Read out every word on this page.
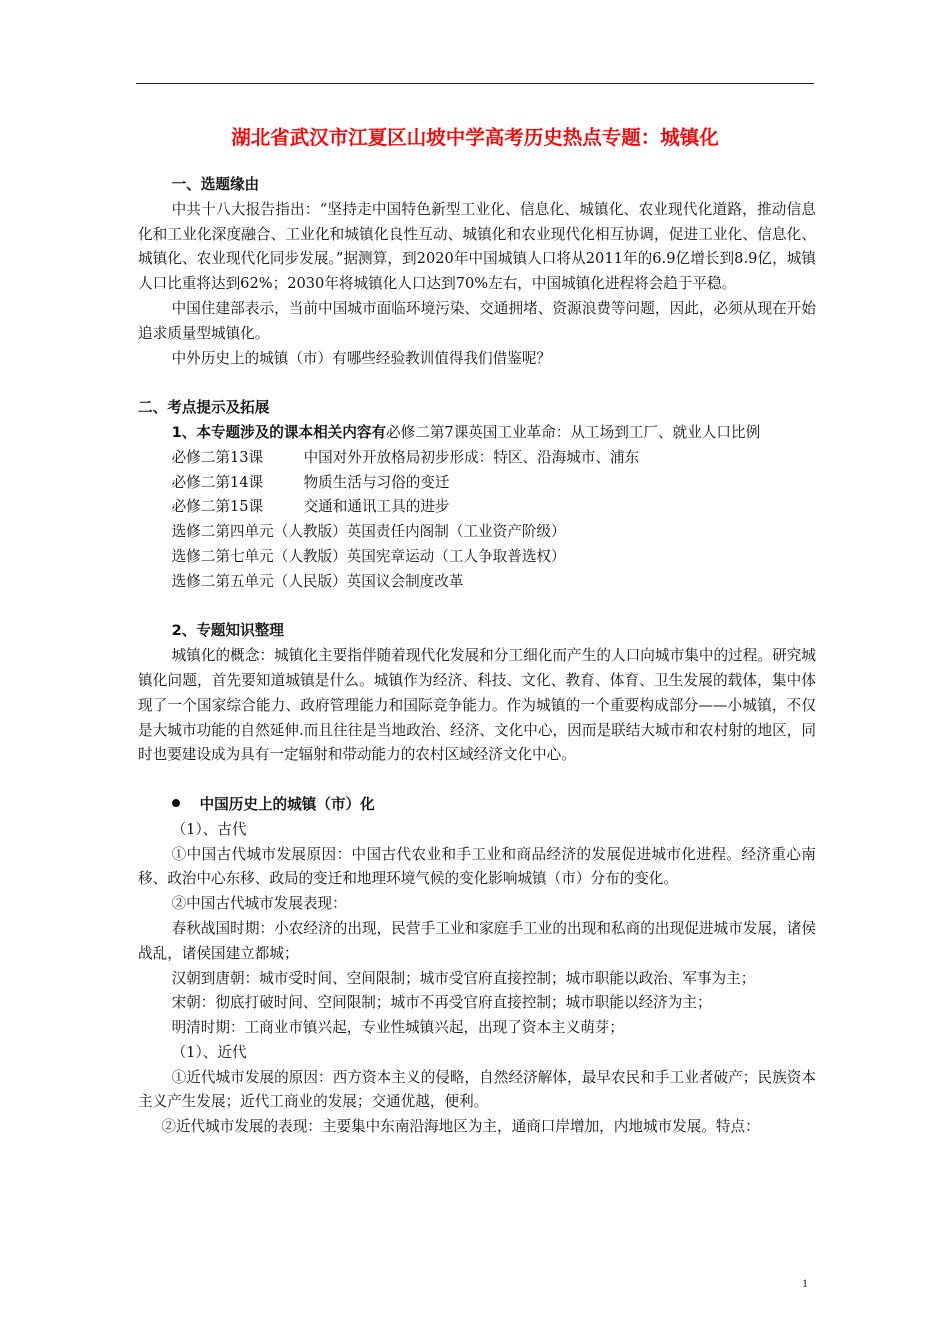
湖北省武汉市江夏区山坡中学高考历史热点专题：城镇化
一、选题缘由

中共十八大报告指出：“坚持走中国特色新型工业化、信息化、城镇化、农业现代化道路，推动信息化和工业化深度融合、工业化和城镇化良性互动、城镇化和农业现代化相互协调，促进工业化、信息化、城镇化、农业现代化同步发展。”据测算，到2020年中国城镇人口将从2011年的6.9亿增长到8.9亿，城镇人口比重将达到62%；2030年将城镇化人口达到70%左右，中国城镇化进程将会趋于平稳。

中国住建部表示，当前中国城市面临环境污染、交通拥堵、资源浪费等问题，因此，必须从现在开始追求质量型城镇化。

中外历史上的城镇（市）有哪些经验教训值得我们借鉴呢？

二、考点提示及拓展

1、本专题涉及的课本相关内容有必修二第7课英国工业革命：从工场到工厂、就业人口比例

必修二第13课	中国对外开放格局初步形成：特区、沿海城市、浦东
必修二第14课	物质生活与习俗的变迁
必修二第15课	交通和通讯工具的进步
选修二第四单元（人教版）英国责任内阁制（工业资产阶级）
选修二第七单元（人教版）英国宪章运动（工人争取普选权）
选修二第五单元（人民版）英国议会制度改革
2、专题知识整理

城镇化的概念：城镇化主要指伴随着现代化发展和分工细化而产生的人口向城市集中的过程。研究城镇化问题，首先要知道城镇是什么。城镇作为经济、科技、文化、教育、体育、卫生发展的载体，集中体现了一个国家综合能力、政府管理能力和国际竞争能力。作为城镇的一个重要构成部分——小城镇，不仅是大城市功能的自然延伸.而且往往是当地政治、经济、文化中心，因而是联结大城市和农村射的地区，同时也要建设成为具有一定辐射和带动能力的农村区域经济文化中心。

中国历史上的城镇（市）化

（1）、古代

①中国古代城市发展原因：中国古代农业和手工业和商品经济的发展促进城市化进程。经济重心南移、政治中心东移、政局的变迁和地理环境气候的变化影响城镇（市）分布的变化。

②中国古代城市发展表现：

春秋战国时期：小农经济的出现，民营手工业和家庭手工业的出现和私商的出现促进城市发展，诸侯战乱，诸侯国建立都城；

汉朝到唐朝：城市受时间、空间限制；城市受官府直接控制；城市职能以政治、军事为主；

宋朝：彻底打破时间、空间限制；城市不再受官府直接控制；城市职能以经济为主；

明清时期：工商业市镇兴起，专业性城镇兴起，出现了资本主义萌芽；

（1）、近代

①近代城市发展的原因：西方资本主义的侵略，自然经济解体，最早农民和手工业者破产；民族资本主义产生发展；近代工商业的发展；交通优越，便利。

②近代城市发展的表现：主要集中东南沿海地区为主，通商口岸增加，内地城市发展。特点：

1
